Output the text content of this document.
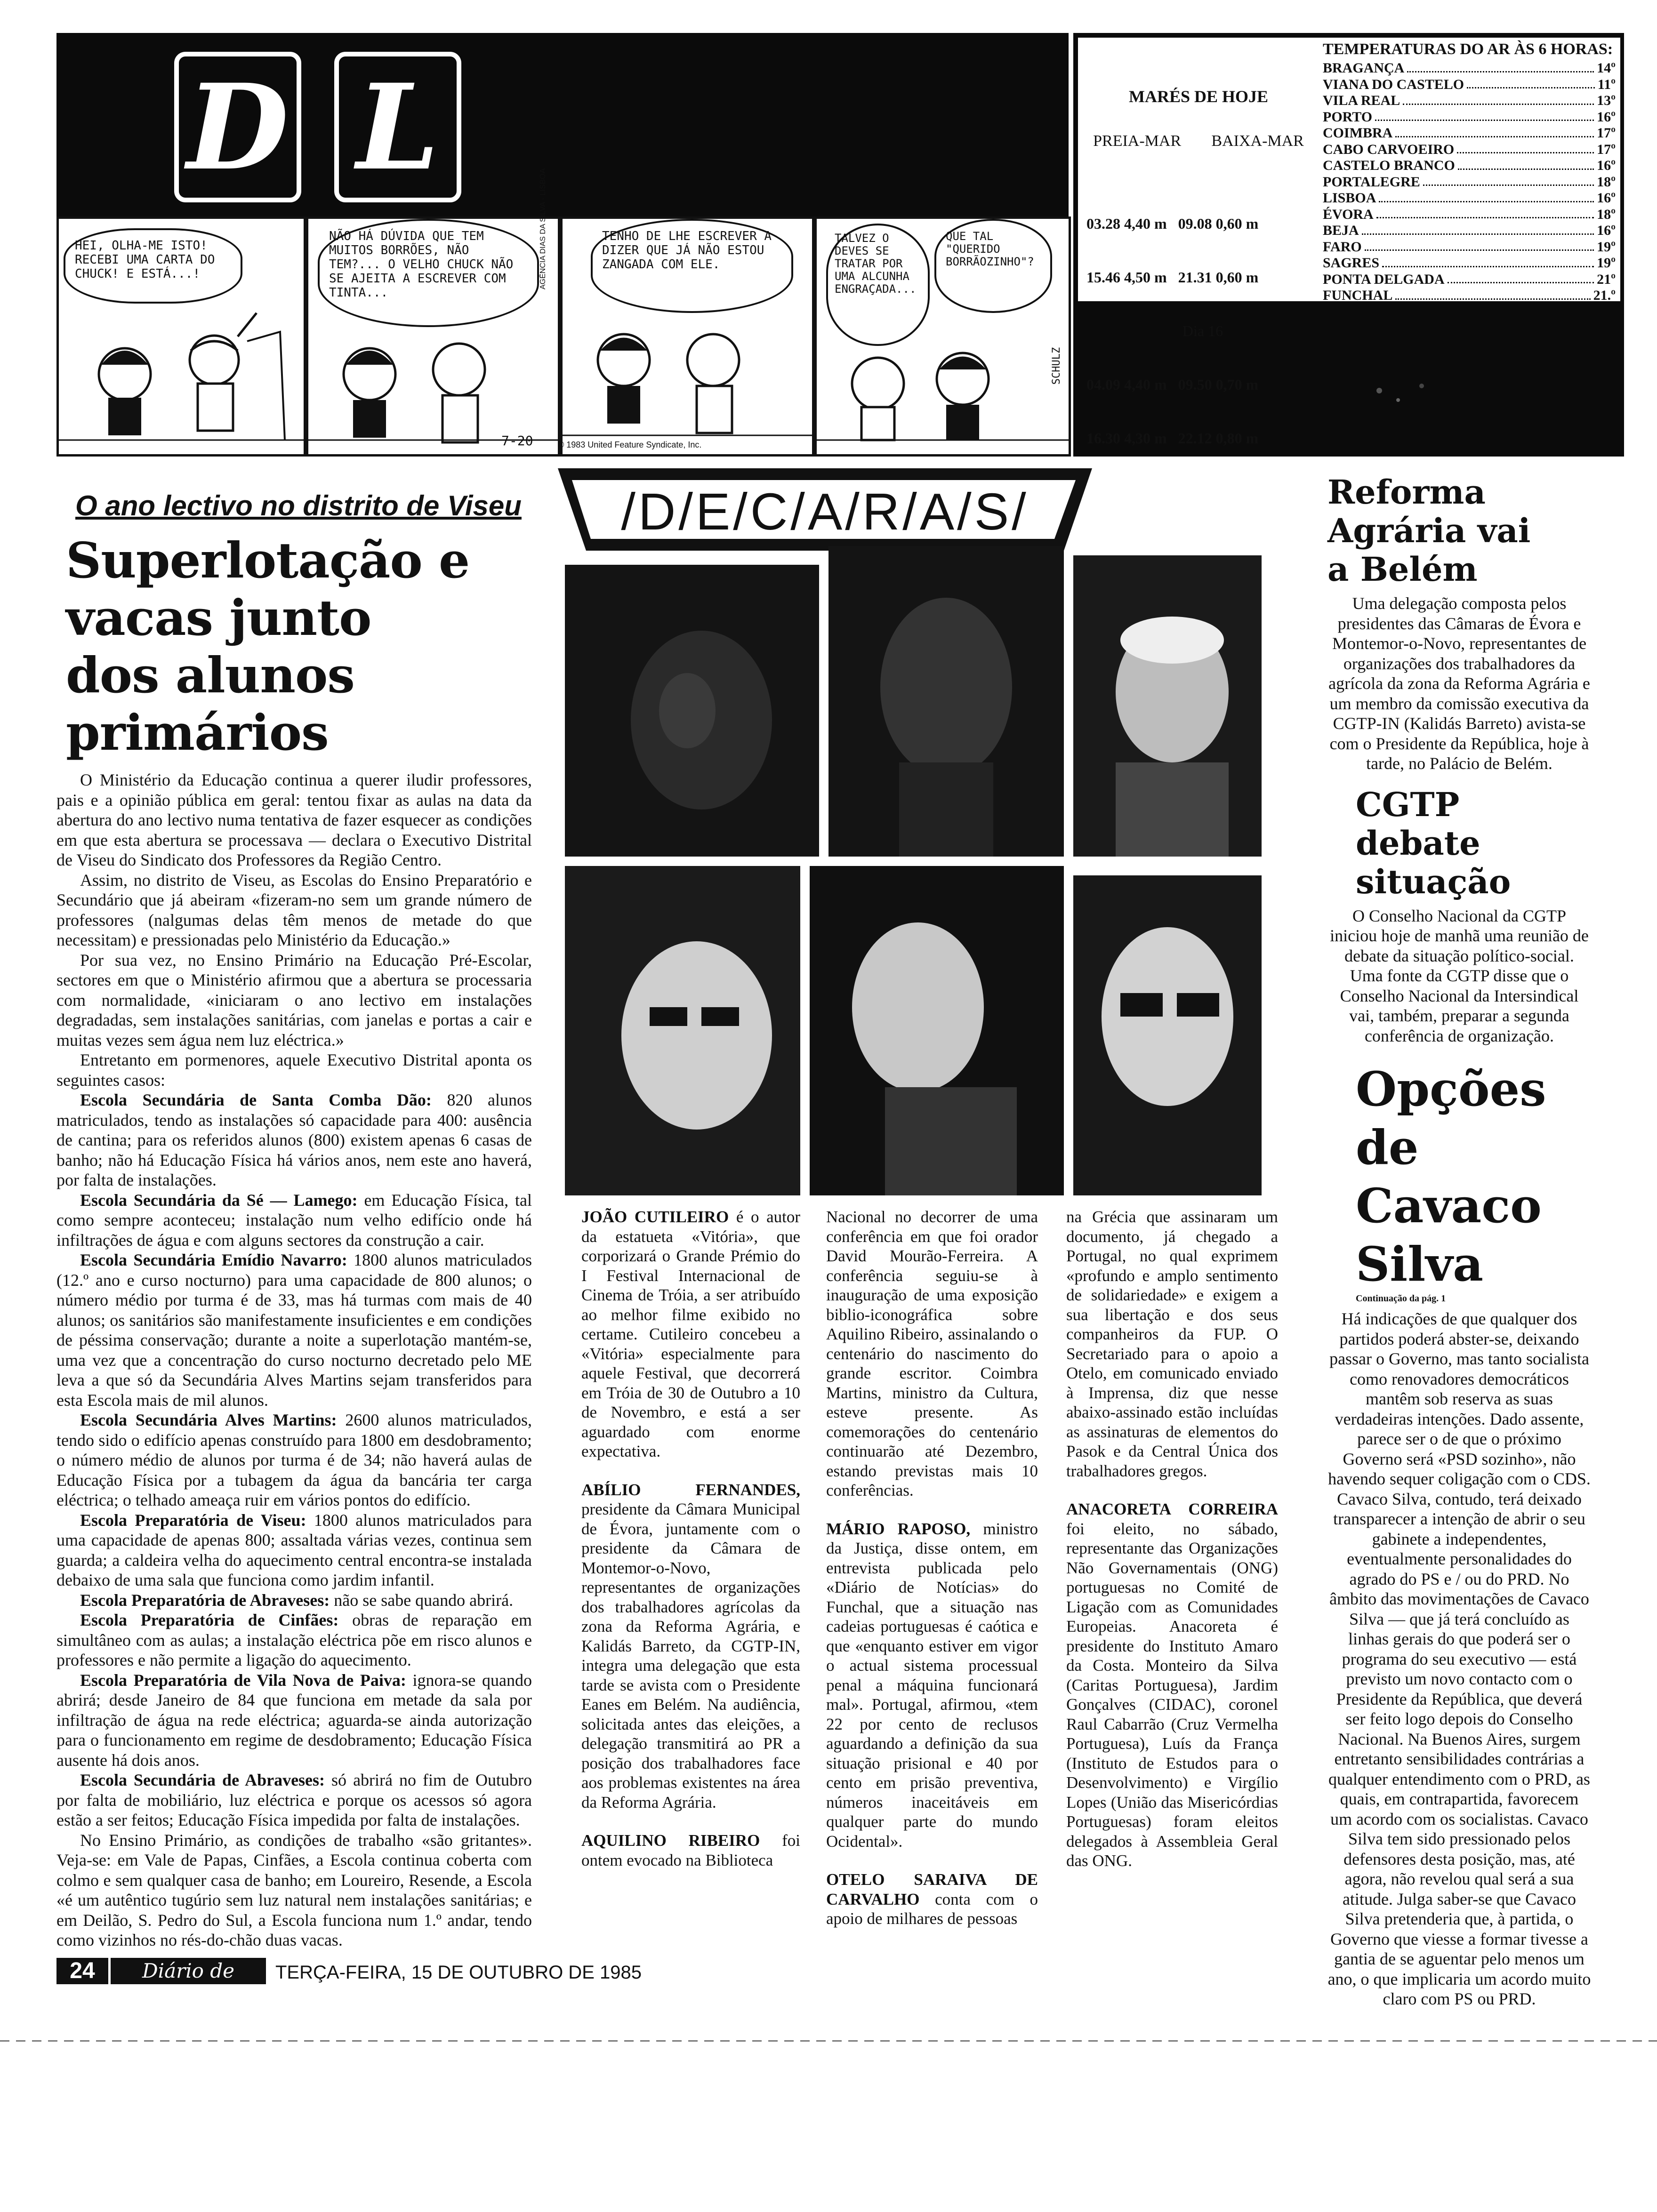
D L	MARÉS DE HOJE
PREIA-MAR BAIXA-MAR

03.28 4,40 m   09.08 0,60 m

15.46 4,50 m   21.31 0,60 m

Dia 16

04.09 4,40 m   09.50 0,70 m

16.30 4,30 m   22.12 0,80 m

TEMPERATURAS DO AR ÀS 6 HORAS:
BRAGANÇA	14º
VIANA DO CASTELO	11º
VILA REAL	13º
PORTO	16º
COIMBRA	17º
CABO CARVOEIRO	17º
CASTELO BRANCO	16º
PORTALEGRE	18º
LISBOA	16º
ÉVORA	18º
BEJA	16º
FARO	19º
SAGRES	19º
PONTA DELGADA	21º
FUNCHAL	21.º
HEI, OLHA-ME ISTO! RECEBI UMA CARTA DO CHUCK! E ESTÁ...!
NÃO HÁ DÚVIDA QUE TEM MUITOS BORRÕES, NÃO TEM?... O VELHO CHUCK NÃO SE AJEITA A ESCREVER COM TINTA...
7-20
TENHO DE LHE ESCREVER A DIZER QUE JÁ NÃO ESTOU ZANGADA COM ELE.
© 1983 United Feature Syndicate, Inc.
AGÊNCIA DIAS DA SILVA - LISBOA	TALVEZ O DEVES SE TRATAR POR UMA ALCUNHA ENGRAÇADA...
QUE TAL "QUERIDO BORRÃOZINHO"?
SCHULZ
O ano lectivo no distrito de Viseu
Superlotação e vacas junto
dos alunos primários

O Ministério da Educação continua a querer iludir professores, pais e a opinião pública em geral: tentou fixar as aulas na data da abertura do ano lectivo numa tentativa de fazer esquecer as condições em que esta abertura se processava — declara o Executivo Distrital de Viseu do Sindicato dos Professores da Região Centro.

Assim, no distrito de Viseu, as Escolas do Ensino Preparatório e Secundário que já abeiram «fizeram-no sem um grande número de professores (nalgumas delas têm menos de metade do que necessitam) e pressionadas pelo Ministério da Educação.»

Por sua vez, no Ensino Primário na Educação Pré-Escolar, sectores em que o Ministério afirmou que a abertura se processaria com normalidade, «iniciaram o ano lectivo em instalações degradadas, sem instalações sanitárias, com janelas e portas a cair e muitas vezes sem água nem luz eléctrica.»

Entretanto em pormenores, aquele Executivo Distrital aponta os seguintes casos:

Escola Secundária de Santa Comba Dão: 820 alunos matriculados, tendo as instalações só capacidade para 400: ausência de cantina; para os referidos alunos (800) existem apenas 6 casas de banho; não há Educação Física há vários anos, nem este ano haverá, por falta de instalações.

Escola Secundária da Sé — Lamego: em Educação Física, tal como sempre aconteceu; instalação num velho edifício onde há infiltrações de água e com alguns sectores da construção a cair.

Escola Secundária Emídio Navarro: 1800 alunos matriculados (12.º ano e curso nocturno) para uma capacidade de 800 alunos; o número médio por turma é de 33, mas há turmas com mais de 40 alunos; os sanitários são manifestamente insuficientes e em condições de péssima conservação; durante a noite a superlotação mantém-se, uma vez que a concentração do curso nocturno decretado pelo ME leva a que só da Secundária Alves Martins sejam transferidos para esta Escola mais de mil alunos.

Escola Secundária Alves Martins: 2600 alunos matriculados, tendo sido o edifício apenas construído para 1800 em desdobramento; o número médio de alunos por turma é de 34; não haverá aulas de Educação Física por a tubagem da água da bancária ter carga eléctrica; o telhado ameaça ruir em vários pontos do edifício.

Escola Preparatória de Viseu: 1800 alunos matriculados para uma capacidade de apenas 800; assaltada várias vezes, continua sem guarda; a caldeira velha do aquecimento central encontra-se instalada debaixo de uma sala que funciona como jardim infantil.

Escola Preparatória de Abraveses: não se sabe quando abrirá.

Escola Preparatória de Cinfães: obras de reparação em simultâneo com as aulas; a instalação eléctrica põe em risco alunos e professores e não permite a ligação do aquecimento.

Escola Preparatória de Vila Nova de Paiva: ignora-se quando abrirá; desde Janeiro de 84 que funciona em metade da sala por infiltração de água na rede eléctrica; aguarda-se ainda autorização para o funcionamento em regime de desdobramento; Educação Física ausente há dois anos.

Escola Secundária de Abraveses: só abrirá no fim de Outubro por falta de mobiliário, luz eléctrica e porque os acessos só agora estão a ser feitos; Educação Física impedida por falta de instalações.

No Ensino Primário, as condições de trabalho «são gritantes». Veja-se: em Vale de Papas, Cinfães, a Escola continua coberta com colmo e sem qualquer casa de banho; em Loureiro, Resende, a Escola «é um autêntico tugúrio sem luz natural nem instalações sanitárias; e em Deilão, S. Pedro do Sul, a Escola funciona num 1.º andar, tendo como vizinhos no rés-do-chão duas vacas.

/D/E/C/A/R/A/S/

JOÃO CUTILEIRO é o autor da estatueta «Vitória», que corporizará o Grande Prémio do I Festival Internacional de Cinema de Tróia, a ser atribuído ao melhor filme exibido no certame. Cutileiro concebeu a «Vitória» especialmente para aquele Festival, que decorrerá em Tróia de 30 de Outubro a 10 de Novembro, e está a ser aguardado com enorme expectativa.

ABÍLIO FERNANDES, presidente da Câmara Municipal de Évora, juntamente com o presidente da Câmara de Montemor-o-Novo, representantes de organizações dos trabalhadores agrícolas da zona da Reforma Agrária, e Kalidás Barreto, da CGTP-IN, integra uma delegação que esta tarde se avista com o Presidente Eanes em Belém. Na audiência, solicitada antes das eleições, a delegação transmitirá ao PR a posição dos trabalhadores face aos problemas existentes na área da Reforma Agrária.

AQUILINO RIBEIRO foi ontem evocado na Biblioteca

Nacional no decorrer de uma conferência em que foi orador David Mourão-Ferreira. A conferência seguiu-se à inauguração de uma exposição biblio-iconográfica sobre Aquilino Ribeiro, assinalando o centenário do nascimento do grande escritor. Coimbra Martins, ministro da Cultura, esteve presente. As comemorações do centenário continuarão até Dezembro, estando previstas mais 10 conferências.

MÁRIO RAPOSO, ministro da Justiça, disse ontem, em entrevista publicada pelo «Diário de Notícias» do Funchal, que a situação nas cadeias portuguesas é caótica e que «enquanto estiver em vigor o actual sistema processual penal a máquina funcionará mal». Portugal, afirmou, «tem 22 por cento de reclusos aguardando a definição da sua situação prisional e 40 por cento em prisão preventiva, números inaceitáveis em qualquer parte do mundo Ocidental».

OTELO SARAIVA DE CARVALHO conta com o apoio de milhares de pessoas

na Grécia que assinaram um documento, já chegado a Portugal, no qual exprimem «profundo e amplo sentimento de solidariedade» e exigem a sua libertação e dos seus companheiros da FUP. O Secretariado para o apoio a Otelo, em comunicado enviado à Imprensa, diz que nesse abaixo-assinado estão incluídas as assinaturas de elementos do Pasok e da Central Única dos trabalhadores gregos.

ANACORETA CORREIRA foi eleito, no sábado, representante das Organizações Não Governamentais (ONG) portuguesas no Comité de Ligação com as Comunidades Europeias. Anacoreta é presidente do Instituto Amaro da Costa. Monteiro da Silva (Caritas Portuguesa), Jardim Gonçalves (CIDAC), coronel Raul Cabarrão (Cruz Vermelha Portuguesa), Luís da França (Instituto de Estudos para o Desenvolvimento) e Virgílio Lopes (União das Misericórdias Portuguesas) foram eleitos delegados à Assembleia Geral das ONG.

Reforma Agrária vai a Belém
Uma delegação composta pelos presidentes das Câmaras de Évora e Montemor-o-Novo, representantes de organizações dos trabalhadores da agrícola da zona da Reforma Agrária e um membro da comissão executiva da CGTP-IN (Kalidás Barreto) avista-se com o Presidente da República, hoje à tarde, no Palácio de Belém.
CGTP debate situação
O Conselho Nacional da CGTP iniciou hoje de manhã uma reunião de debate da situação político-social.
Uma fonte da CGTP disse que o Conselho Nacional da Intersindical vai, também, preparar a segunda conferência de organização.
Opções de Cavaco Silva
Continuação da pág. 1
Há indicações de que qualquer dos partidos poderá abster-se, deixando passar o Governo, mas tanto socialista como renovadores democráticos mantêm sob reserva as suas verdadeiras intenções. Dado assente, parece ser o de que o próximo Governo será «PSD sozinho», não havendo sequer coligação com o CDS. Cavaco Silva, contudo, terá deixado transparecer a intenção de abrir o seu gabinete a independentes, eventualmente personalidades do agrado do PS e / ou do PRD. No âmbito das movimentações de Cavaco Silva — que já terá concluído as linhas gerais do que poderá ser o programa do seu executivo — está previsto um novo contacto com o Presidente da República, que deverá ser feito logo depois do Conselho Nacional. Na Buenos Aires, surgem entretanto sensibilidades contrárias a qualquer entendimento com o PRD, as quais, em contrapartida, favorecem um acordo com os socialistas. Cavaco Silva tem sido pressionado pelos defensores desta posição, mas, até agora, não revelou qual será a sua atitude. Julga saber-se que Cavaco Silva pretenderia que, à partida, o Governo que viesse a formar tivesse a gantia de se aguentar pelo menos um ano, o que implicaria um acordo muito claro com PS ou PRD.
24	Diário de Lisboa
TERÇA-FEIRA, 15 DE OUTUBRO DE 1985
